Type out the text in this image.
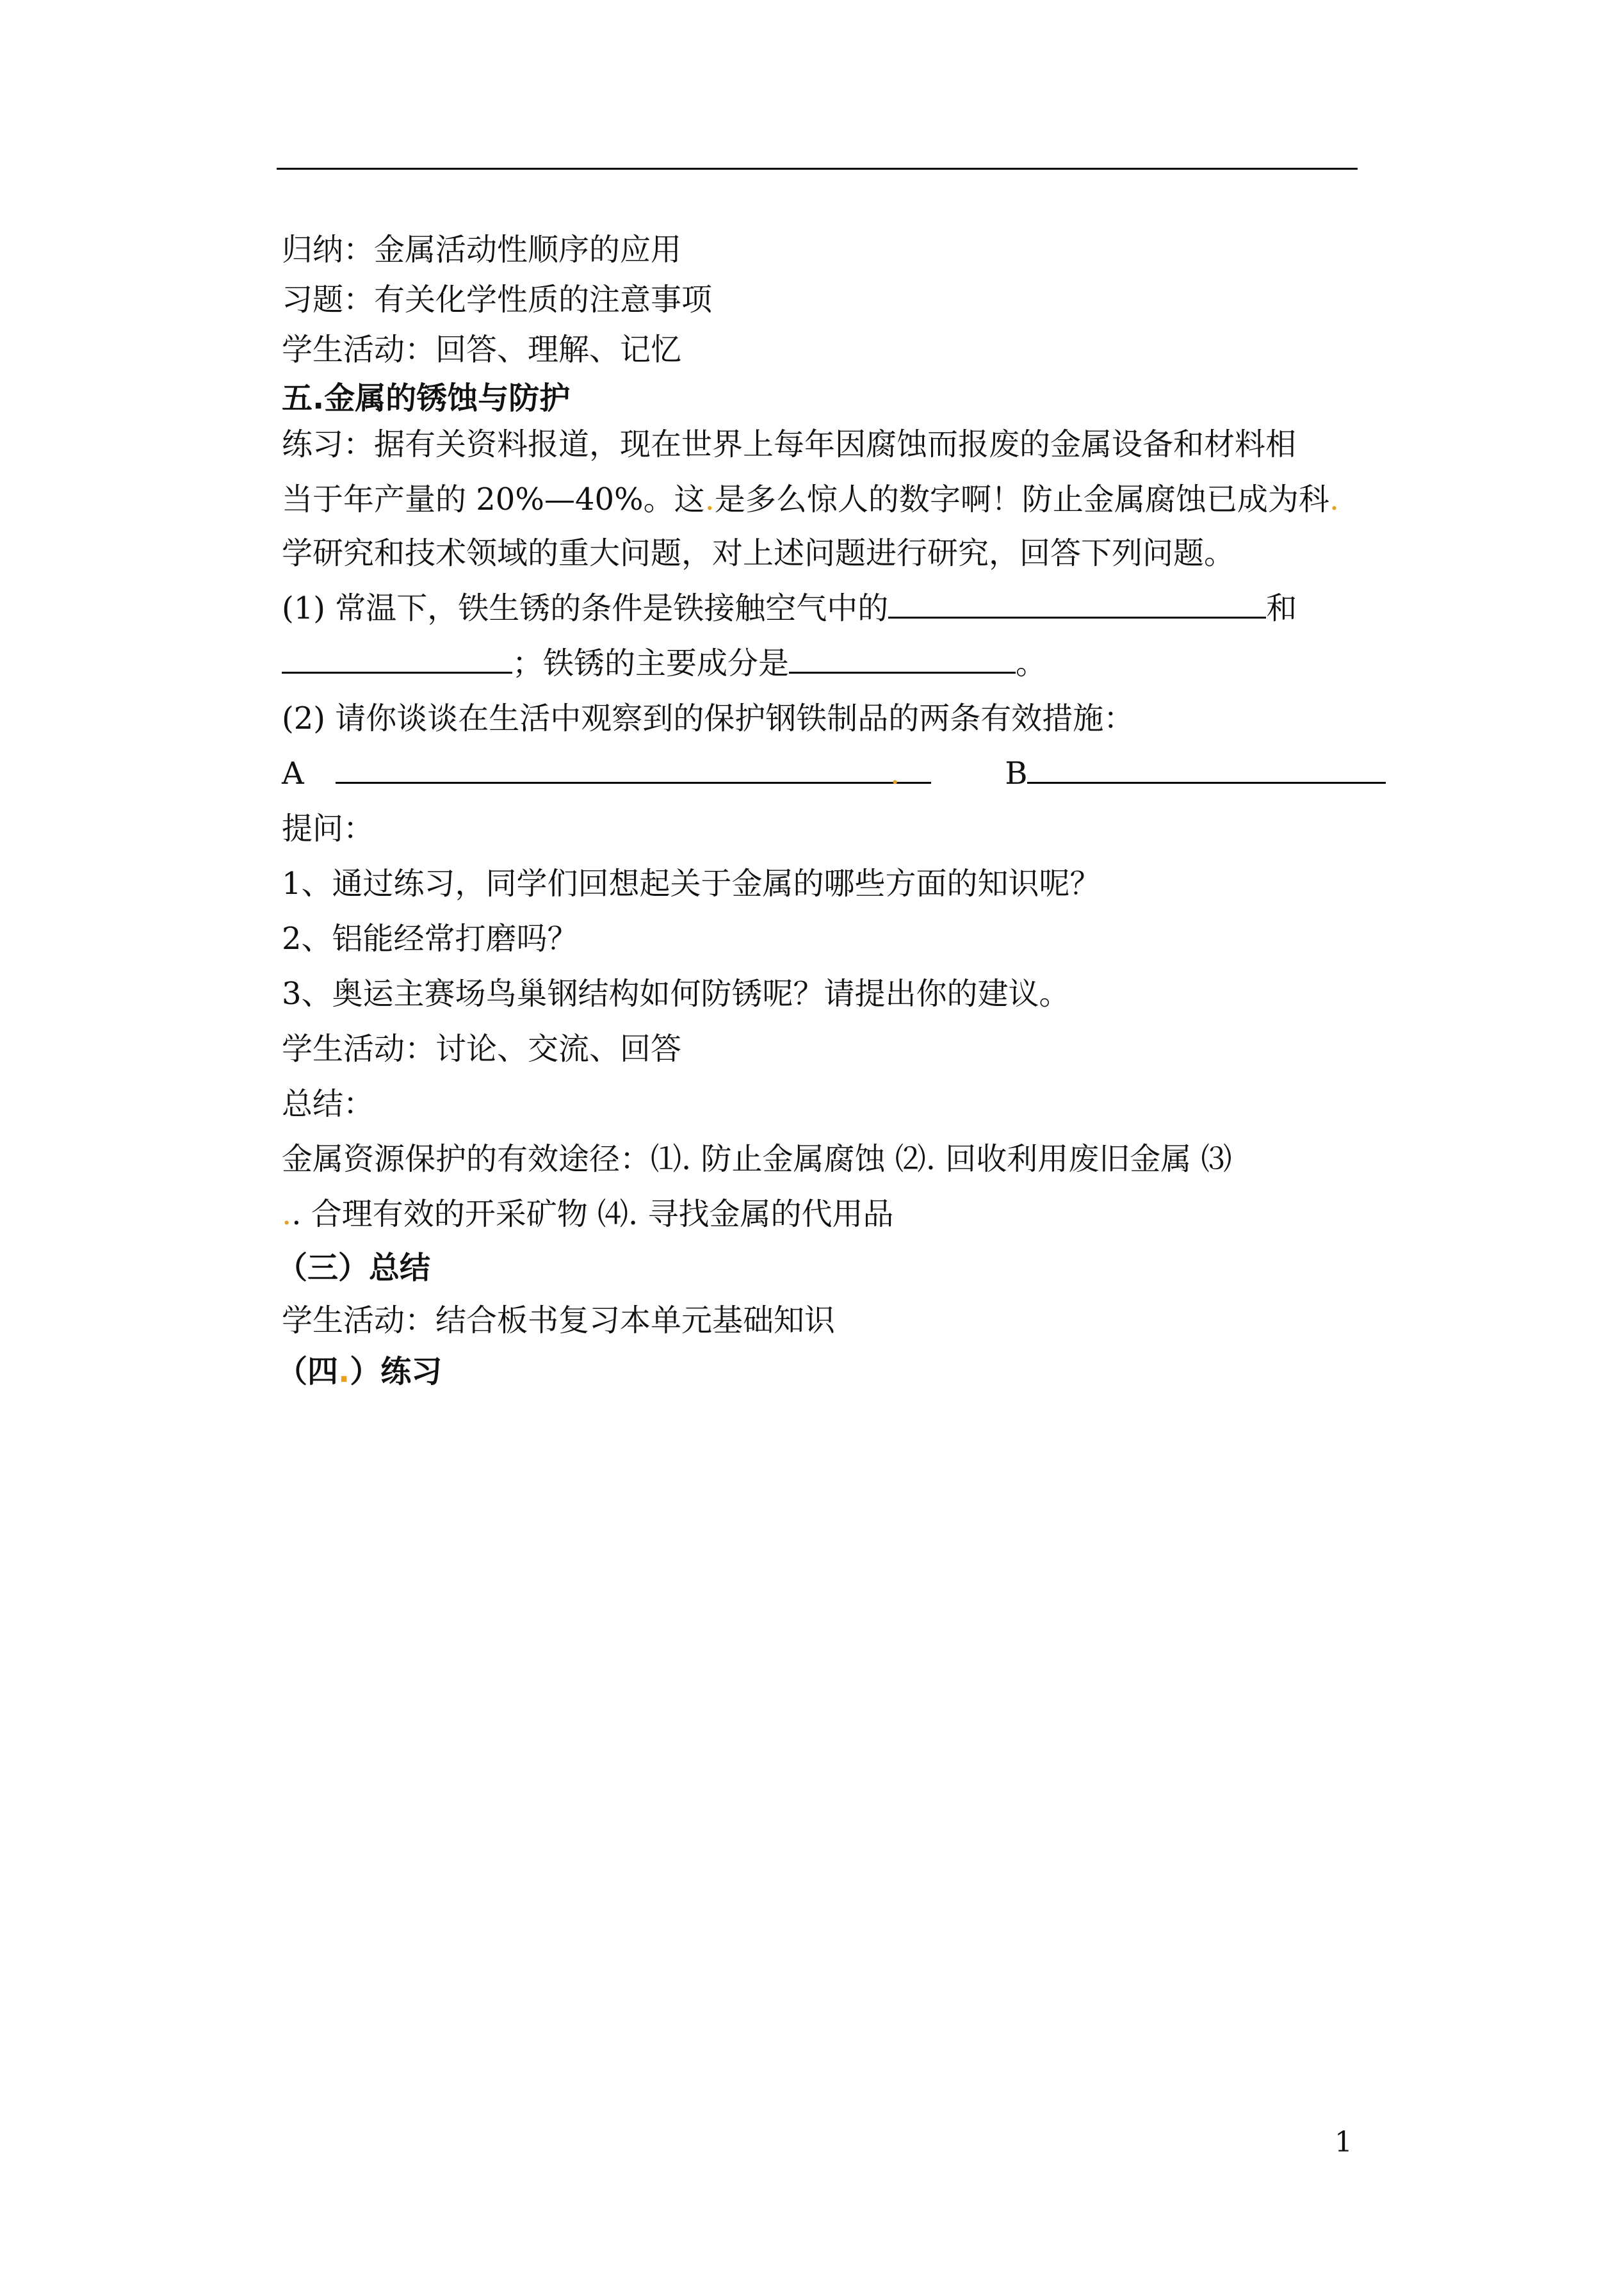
归纳：金属活动性顺序的应用
习题：有关化学性质的注意事项
学生活动：回答、理解、记忆
五.金属的锈蚀与防护
练习：据有关资料报道，现在世界上每年因腐蚀而报废的金属设备和材料相
当于年产量的 20%—40%。这.是多么惊人的数字啊！防止金属腐蚀已成为科.
学研究和技术领域的重大问题，对上述问题进行研究，回答下列问题。
(1) 常温下，铁生锈的条件是铁接触空气中的	和
；铁锈的主要成分是	。
(2) 请你谈谈在生活中观察到的保护钢铁制品的两条有效措施：
A	.	B
提问：
1、通过练习，同学们回想起关于金属的哪些方面的知识呢？
2、铝能经常打磨吗？
3、奥运主赛场鸟巢钢结构如何防锈呢？请提出你的建议。
学生活动：讨论、交流、回答
总结：
金属资源保护的有效途径：⑴. 防止金属腐蚀 ⑵. 回收利用废旧金属 ⑶
.. 合理有效的开采矿物 ⑷. 寻找金属的代用品
（三）总结
学生活动：结合板书复习本单元基础知识
（四.）练习
1
